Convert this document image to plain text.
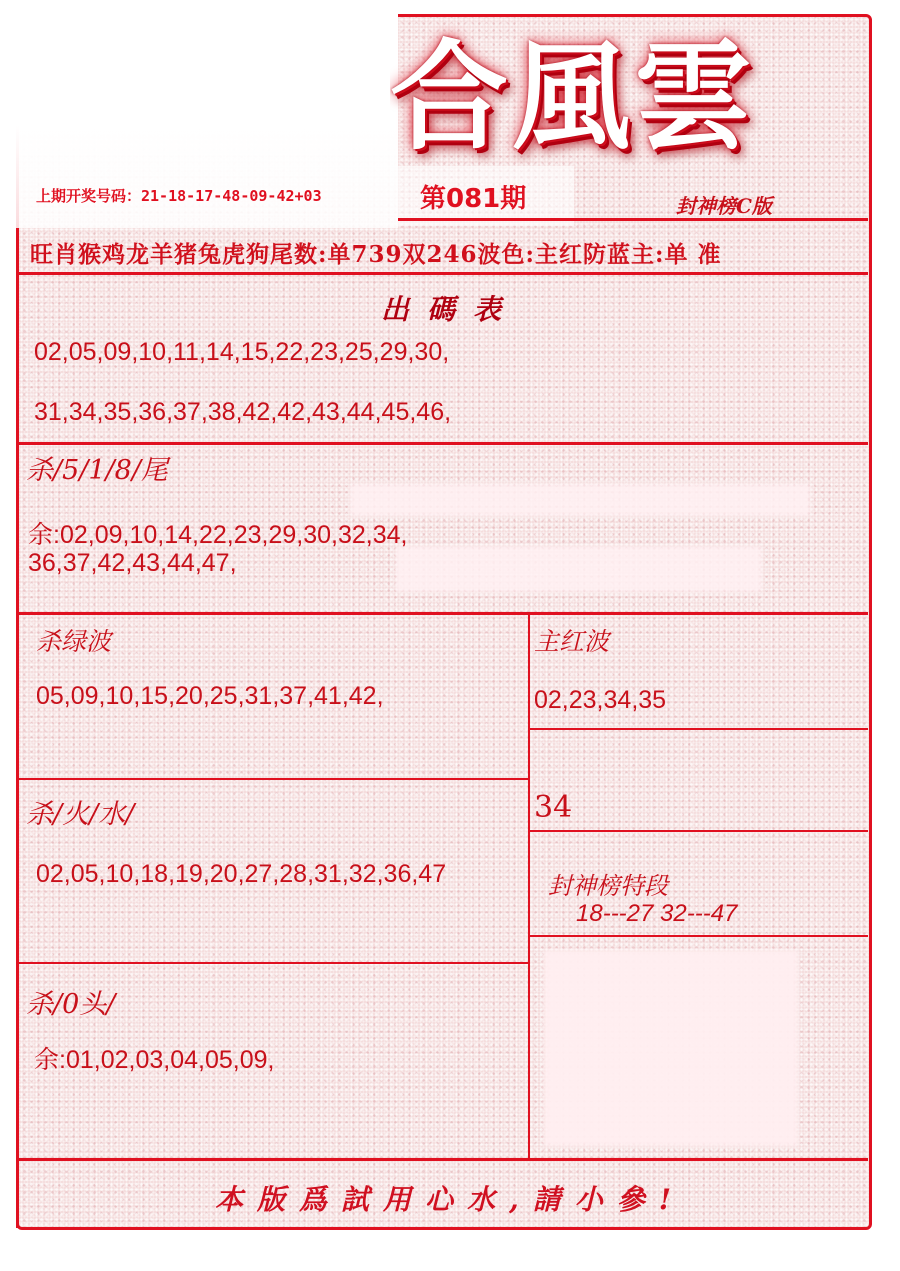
合風雲
封神榜C版
上期开奖号码：21-18-17-48-09-42+03	第081期
旺肖猴鸡龙羊猪兔虎狗尾数:单739双246波色:主红防蓝主:单 准
出碼表
02,05,09,10,11,14,15,22,23,25,29,30,
31,34,35,36,37,38,42,42,43,44,45,46,
杀/5/1/8/尾
余:02,09,10,14,22,23,29,30,32,34,
36,37,42,43,44,47,
杀绿波
05,09,10,15,20,25,31,37,41,42,
主红波
02,23,34,35
34
杀/火/水/
02,05,10,18,19,20,27,28,31,32,36,47	封神榜特段
18---27 32---47
杀/0头/
余:01,02,03,04,05,09,
本版爲試用心水,請小參!
